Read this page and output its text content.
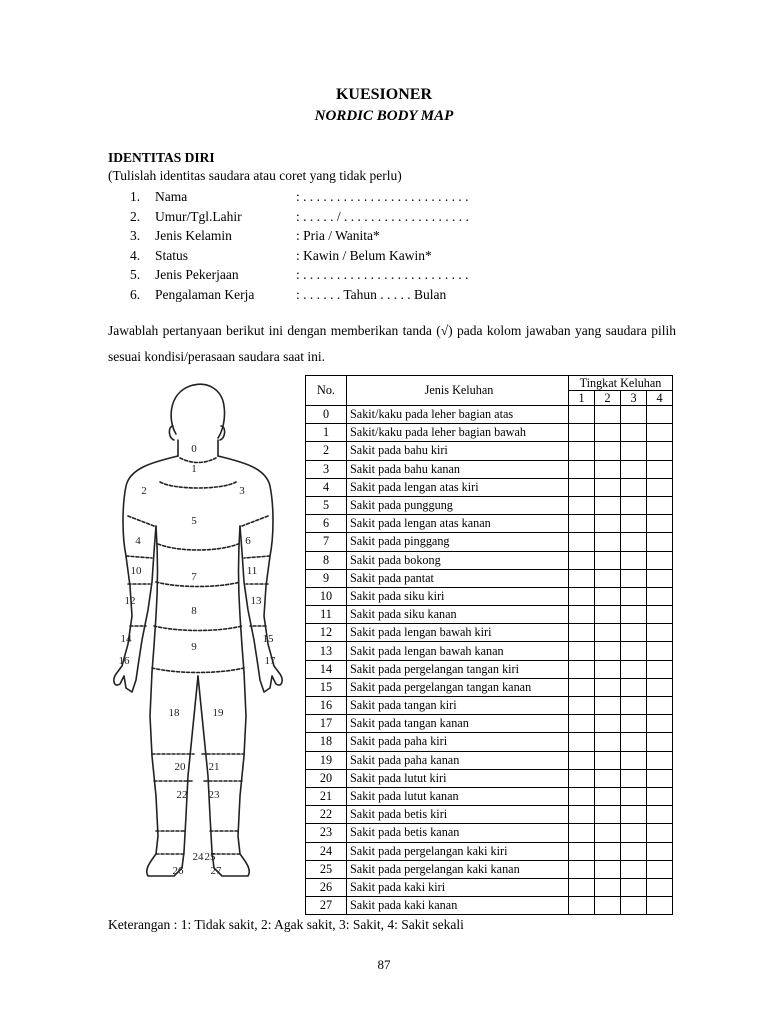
KUESIONER
NORDIC BODY MAP
IDENTITAS DIRI
(Tulislah identitas saudara atau coret yang tidak perlu)
1. Nama	: . . . . . . . . . . . . . . . . . . . . . . . . .
2. Umur/Tgl.Lahir	: . . . . . / . . . . . . . . . . . . . . . . . . .
3. Jenis Kelamin	: Pria / Wanita*
4. Status	: Kawin / Belum Kawin*
5. Jenis Pekerjaan	: . . . . . . . . . . . . . . . . . . . . . . . . .
6. Pengalaman Kerja	: . . . . . . Tahun . . . . . Bulan
Jawablah pertanyaan berikut ini dengan memberikan tanda (√) pada kolom jawaban yang saudara pilih sesuai kondisi/perasaan saudara saat ini.
0
1
2	3
4
5
6
7
8
9
10	11
12	13
14	15
16	17
18	19
20 21
22 23
24 25
26 27
No.	Jenis Keluhan	Tingkat Keluhan			
		1	2	3	4
0	Sakit/kaku pada leher bagian atas				
1	Sakit/kaku pada leher bagian bawah				
2	Sakit pada bahu kiri				
3	Sakit pada bahu kanan				
4	Sakit pada lengan atas kiri				
5	Sakit pada punggung				
6	Sakit pada lengan atas kanan				
7	Sakit pada pinggang				
8	Sakit pada bokong				
9	Sakit pada pantat				
10	Sakit pada siku kiri				
11	Sakit pada siku kanan				
12	Sakit pada lengan bawah kiri				
13	Sakit pada lengan bawah kanan				
14	Sakit pada pergelangan tangan kiri				
15	Sakit pada pergelangan tangan kanan				
16	Sakit pada tangan kiri				
17	Sakit pada tangan kanan				
18	Sakit pada paha kiri				
19	Sakit pada paha kanan				
20	Sakit pada lutut kiri				
21	Sakit pada lutut kanan				
22	Sakit pada betis kiri				
23	Sakit pada betis kanan				
24	Sakit pada pergelangan kaki kiri				
25	Sakit pada pergelangan kaki kanan				
26	Sakit pada kaki kiri				
27	Sakit pada kaki kanan				
Keterangan : 1: Tidak sakit, 2: Agak sakit, 3: Sakit, 4: Sakit sekali
87
